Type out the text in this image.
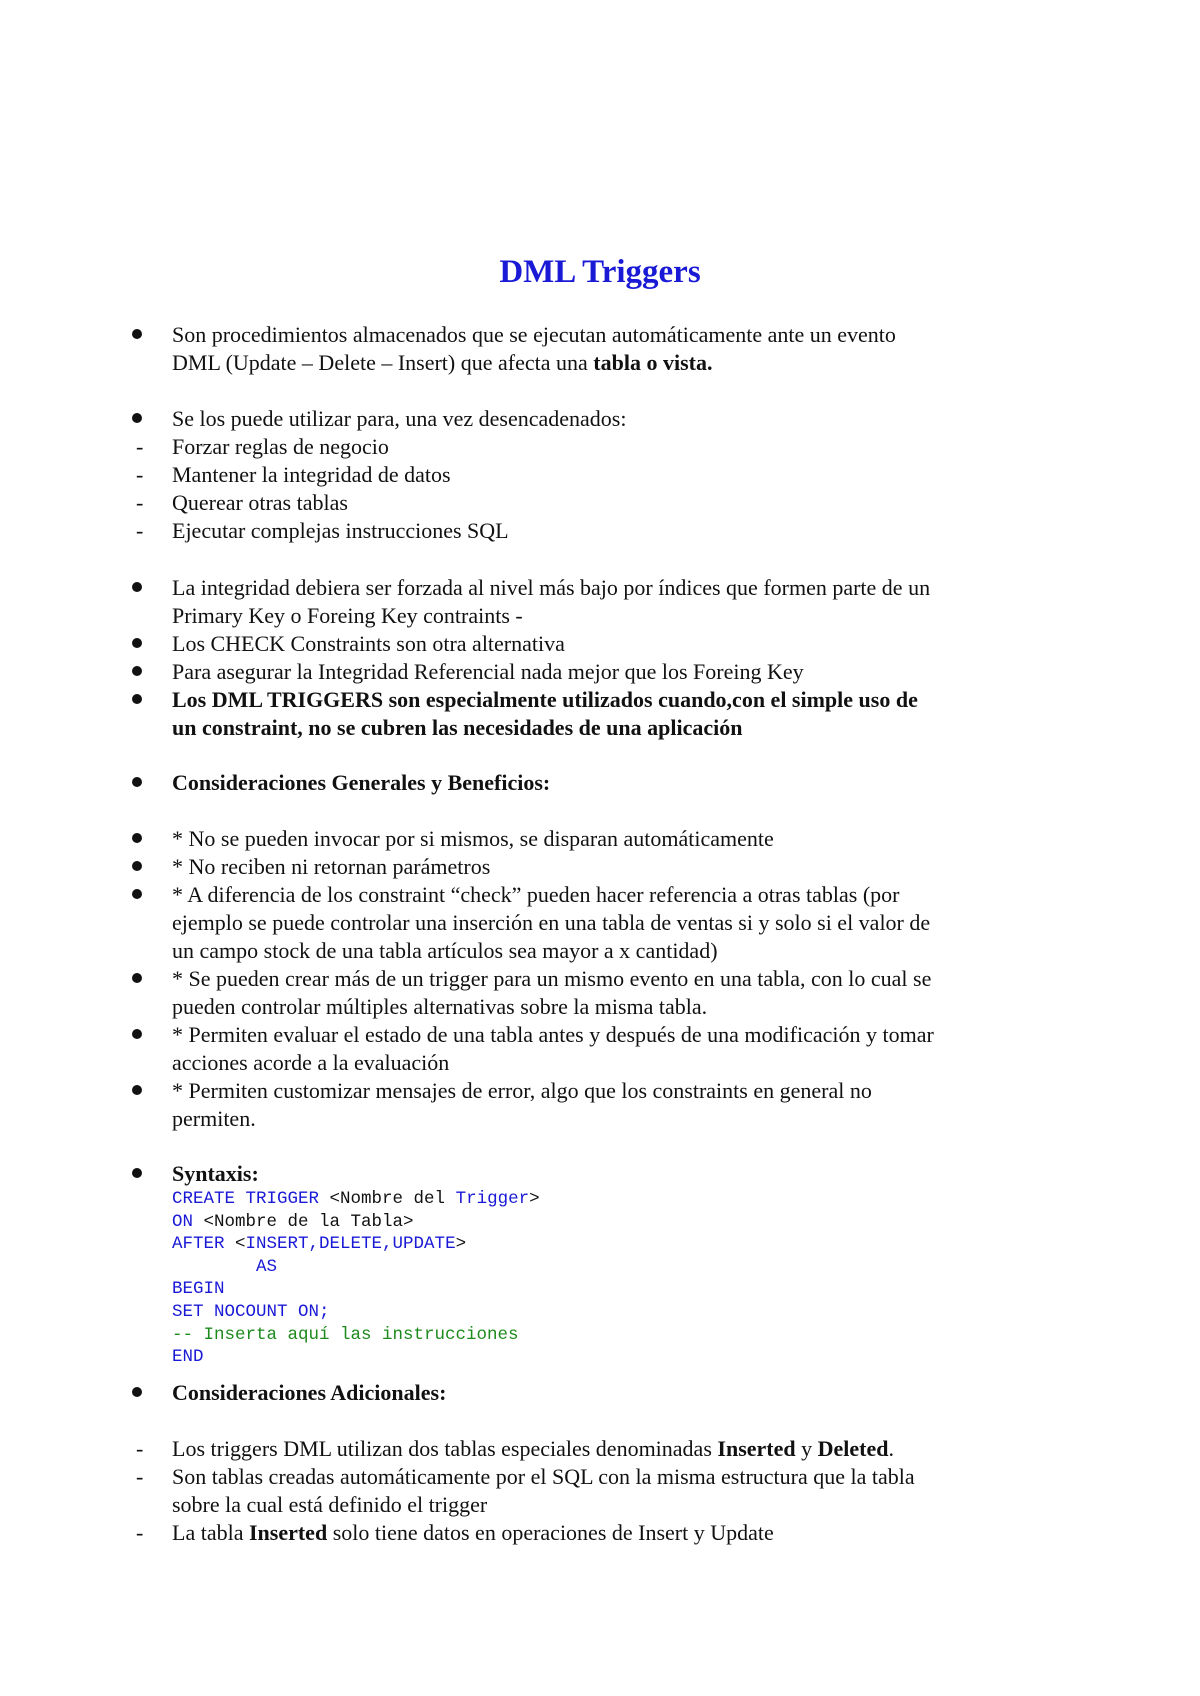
DML Triggers
Son procedimientos almacenados que se ejecutan automáticamente ante un evento
DML (Update – Delete – Insert) que afecta una tabla o vista.
Se los puede utilizar para, una vez desencadenados:
- Forzar reglas de negocio
- Mantener la integridad de datos
- Querear otras tablas
- Ejecutar complejas instrucciones SQL
La integridad debiera ser forzada al nivel más bajo por índices que formen parte de un
Primary Key o Foreing Key contraints -
Los CHECK Constraints son otra alternativa
Para asegurar la Integridad Referencial nada mejor que los Foreing Key
Los DML TRIGGERS son especialmente utilizados cuando,con el simple uso de
un constraint, no se cubren las necesidades de una aplicación
Consideraciones Generales y Beneficios:
* No se pueden invocar por si mismos, se disparan automáticamente
* No reciben ni retornan parámetros
* A diferencia de los constraint “check” pueden hacer referencia a otras tablas (por
ejemplo se puede controlar una inserción en una tabla de ventas si y solo si el valor de
un campo stock de una tabla artículos sea mayor a x cantidad)
* Se pueden crear más de un trigger para un mismo evento en una tabla, con lo cual se
pueden controlar múltiples alternativas sobre la misma tabla.
* Permiten evaluar el estado de una tabla antes y después de una modificación y tomar
acciones acorde a la evaluación
* Permiten customizar mensajes de error, algo que los constraints en general no
permiten.
Syntaxis:
CREATE TRIGGER <Nombre del Trigger>
ON <Nombre de la Tabla>
AFTER <INSERT,DELETE,UPDATE>
AS
BEGIN
SET NOCOUNT ON;
-- Inserta aquí las instrucciones
END
Consideraciones Adicionales:
- Los triggers DML utilizan dos tablas especiales denominadas Inserted y Deleted.
- Son tablas creadas automáticamente por el SQL con la misma estructura que la tabla
sobre la cual está definido el trigger
- La tabla Inserted solo tiene datos en operaciones de Insert y Update
